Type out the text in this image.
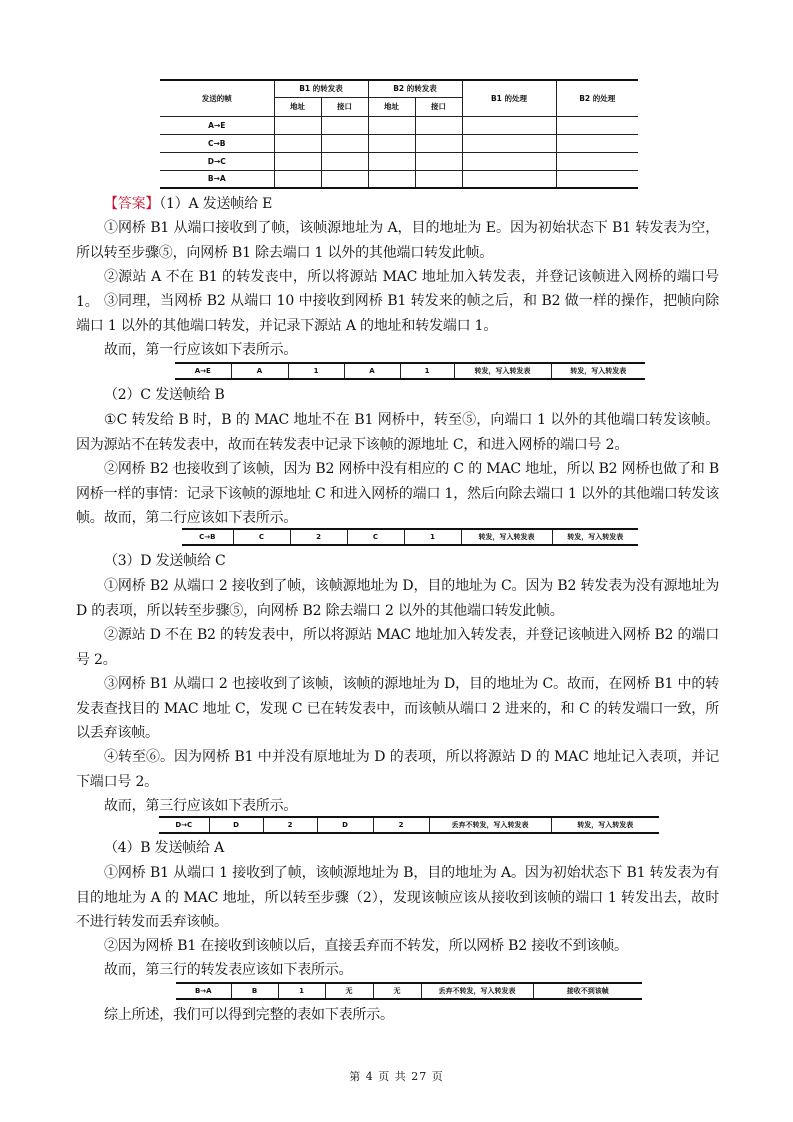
发送的帧	B1 的转发表		B2 的转发表		B1 的处理	B2 的处理
	地址	接口	地址	接口		
A→E						
C→B						
D→C						
B→A						
【答案】（1）A 发送帧给 E
①网桥 B1 从端口接收到了帧，该帧源地址为 A，目的地址为 E。因为初始状态下 B1 转发表为空，所以转至步骤⑤，向网桥 B1 除去端口 1 以外的其他端口转发此帧。
②源站 A 不在 B1 的转发丧中，所以将源站 MAC 地址加入转发表，并登记该帧进入网桥的端口号 1。 ③同理，当网桥 B2 从端口 10 中接收到网桥 B1 转发来的帧之后，和 B2 做一样的操作，把帧向除端口 1 以外的其他端口转发，并记录下源站 A 的地址和转发端口 1。
故而，第一行应该如下表所示。
A→E	A	1	A	1	转发，写入转发表	转发，写入转发表
（2）C 发送帧给 B
①C 转发给 B 时，B 的 MAC 地址不在 B1 网桥中，转至⑤，向端口 1 以外的其他端口转发该帧。因为源站不在转发表中，故而在转发表中记录下该帧的源地址 C，和进入网桥的端口号 2。
②网桥 B2 也接收到了该帧，因为 B2 网桥中没有相应的 C 的 MAC 地址，所以 B2 网桥也做了和 B 网桥一样的事情：记录下该帧的源地址 C 和进入网桥的端口 1，然后向除去端口 1 以外的其他端口转发该帧。 故而，第二行应该如下表所示。
C→B	C	2	C	1	转发，写入转发表	转发，写入转发表
（3）D 发送帧给 C
①网桥 B2 从端口 2 接收到了帧，该帧源地址为 D，目的地址为 C。因为 B2 转发表为没有源地址为 D 的表项，所以转至步骤⑤，向网桥 B2 除去端口 2 以外的其他端口转发此帧。
②源站 D 不在 B2 的转发表中，所以将源站 MAC 地址加入转发表，并登记该帧进入网桥 B2 的端口号 2。
③网桥 B1 从端口 2 也接收到了该帧，该帧的源地址为 D，目的地址为 C。故而，在网桥 B1 中的转发表查找目的 MAC 地址 C，发现 C 已在转发表中，而该帧从端口 2 进来的，和 C 的转发端口一致，所以丢弃该帧。
④转至⑥。因为网桥 B1 中并没有原地址为 D 的表项，所以将源站 D 的 MAC 地址记入表项，并记下端口号 2。
故而，第三行应该如下表所示。
D→C	D	2	D	2	丢弃不转发，写入转发表	转发，写入转发表
（4）B 发送帧给 A
①网桥 B1 从端口 1 接收到了帧，该帧源地址为 B，目的地址为 A。因为初始状态下 B1 转发表为有目的地址为 A 的 MAC 地址，所以转至步骤（2），发现该帧应该从接收到该帧的端口 1 转发出去，故时不进行转发而丢弃该帧。
②因为网桥 B1 在接收到该帧以后，直接丢弃而不转发，所以网桥 B2 接收不到该帧。
故而，第三行的转发表应该如下表所示。
B→A	B	1	无	无	丢弃不转发，写入转发表	接收不到该帧
综上所述，我们可以得到完整的表如下表所示。
第 4 页 共 27 页
